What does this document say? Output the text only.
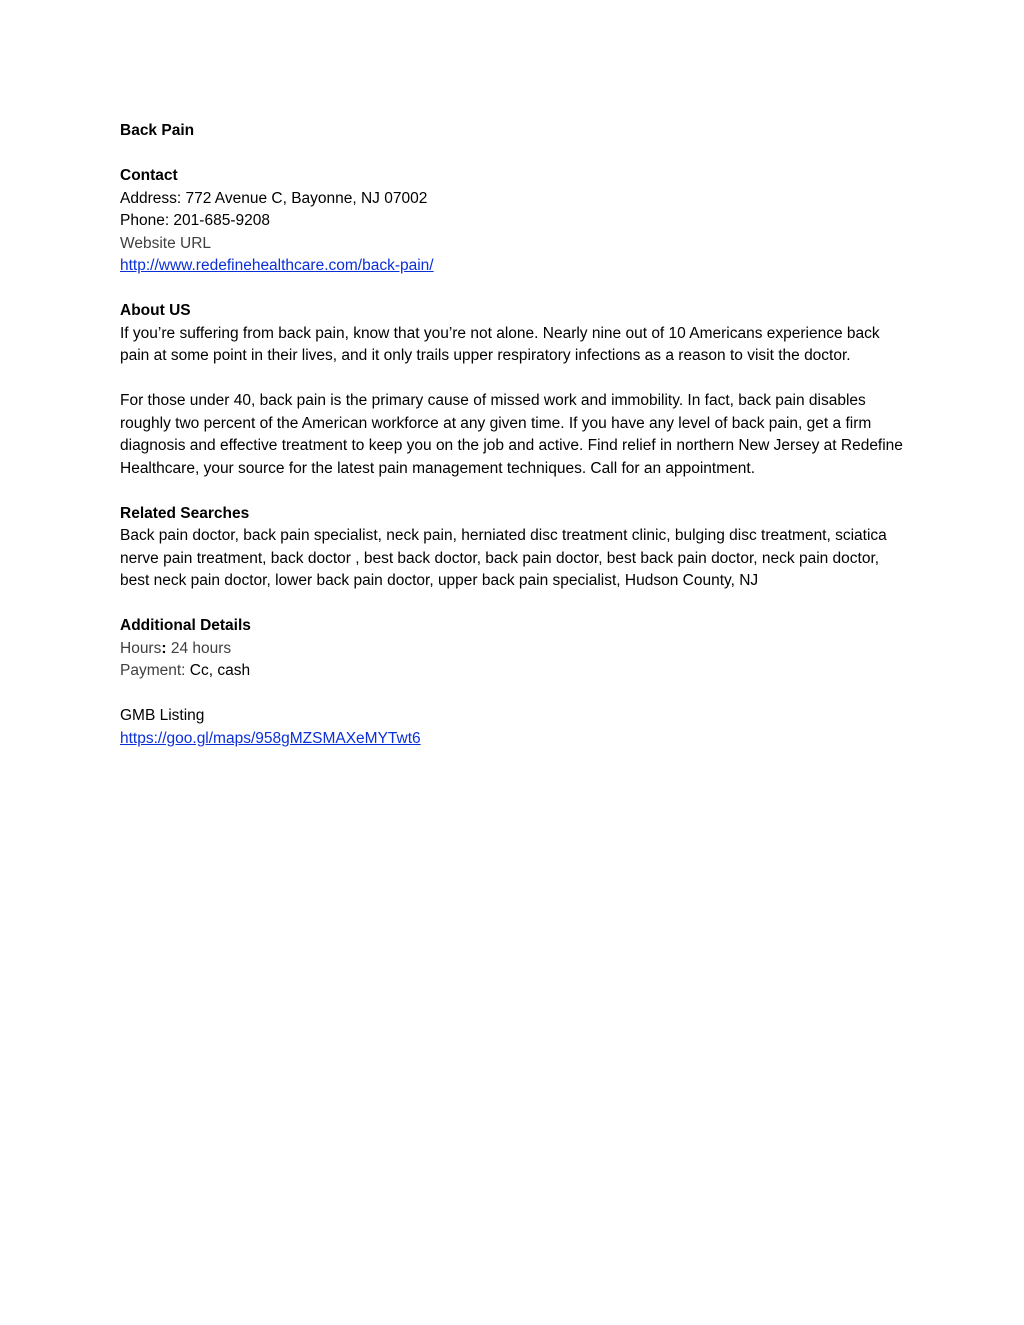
Back Pain
Contact
Address: 772 Avenue C, Bayonne, NJ 07002
Phone: 201-685-9208
Website URL
http://www.redefinehealthcare.com/back-pain/
About US

If you’re suffering from back pain, know that you’re not alone. Nearly nine out of 10 Americans experience back pain at some point in their lives, and it only trails upper respiratory infections as a reason to visit the doctor.

For those under 40, back pain is the primary cause of missed work and immobility. In fact, back pain disables roughly two percent of the American workforce at any given time. If you have any level of back pain, get a firm diagnosis and effective treatment to keep you on the job and active. Find relief in northern New Jersey at Redefine Healthcare, your source for the latest pain management techniques. Call for an appointment.

Related Searches

Back pain doctor, back pain specialist, neck pain, herniated disc treatment clinic, bulging disc treatment, sciatica nerve pain treatment, back doctor , best back doctor, back pain doctor, best back pain doctor, neck pain doctor, best neck pain doctor, lower back pain doctor, upper back pain specialist, Hudson County, NJ

Additional Details
Hours: 24 hours
Payment: Cc, cash
GMB Listing
https://goo.gl/maps/958gMZSMAXeMYTwt6
